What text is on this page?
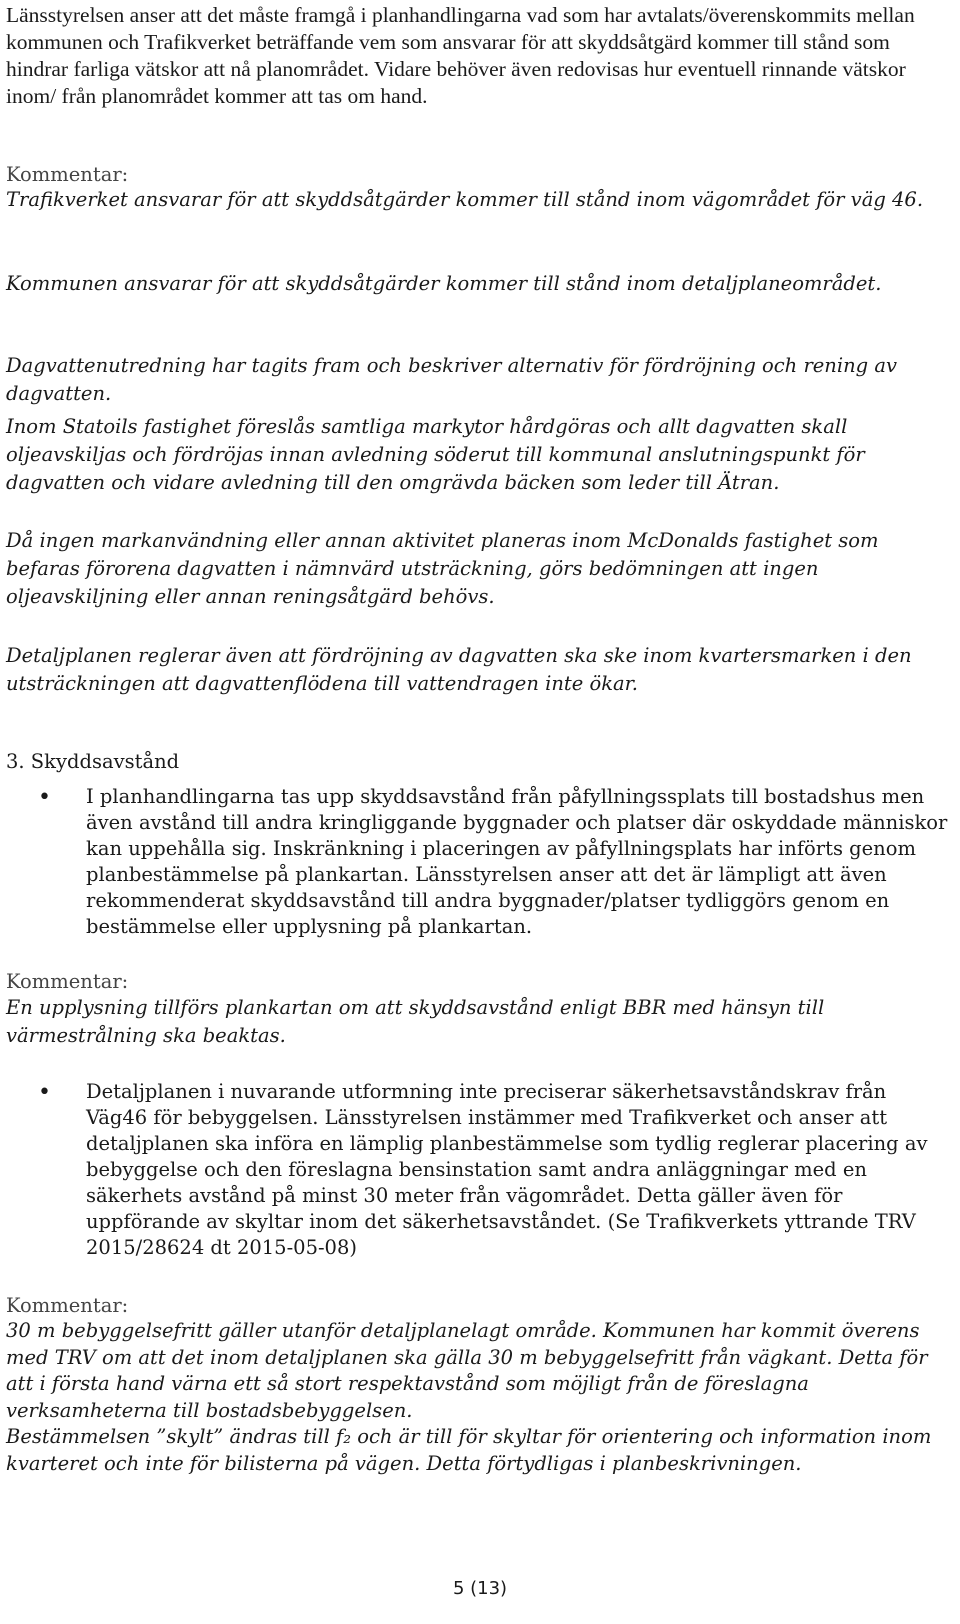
Länsstyrelsen anser att det måste framgå i planhandlingarna vad som har avtalats/överenskommits mellan kommunen och Trafikverket beträffande vem som ansvarar för att skyddsåtgärd kommer till stånd som hindrar farliga vätskor att nå planområdet. Vidare behöver även redovisas hur eventuell rinnande vätskor inom/ från planområdet kommer att tas om hand.

Kommentar:

Trafikverket ansvarar för att skyddsåtgärder kommer till stånd inom vägområdet för väg 46.

Kommunen ansvarar för att skyddsåtgärder kommer till stånd inom detaljplaneområdet.

Dagvattenutredning har tagits fram och beskriver alternativ för fördröjning och rening av dagvatten.

Inom Statoils fastighet föreslås samtliga markytor hårdgöras och allt dagvatten skall oljeavskiljas och fördröjas innan avledning söderut till kommunal anslutningspunkt för dagvatten och vidare avledning till den omgrävda bäcken som leder till Ätran.

Då ingen markanvändning eller annan aktivitet planeras inom McDonalds fastighet som befaras förorena dagvatten i nämnvärd utsträckning, görs bedömningen att ingen oljeavskiljning eller annan reningsåtgärd behövs.

Detaljplanen reglerar även att fördröjning av dagvatten ska ske inom kvartersmarken i den utsträckningen att dagvattenflödena till vattendragen inte ökar.

3. Skyddsavstånd

• I planhandlingarna tas upp skyddsavstånd från påfyllningssplats till bostadshus men även avstånd till andra kringliggande byggnader och platser där oskyddade människor kan uppehålla sig. Inskränkning i placeringen av påfyllningsplats har införts genom planbestämmelse på plankartan. Länsstyrelsen anser att det är lämpligt att även rekommenderat skyddsavstånd till andra byggnader/platser tydliggörs genom en bestämmelse eller upplysning på plankartan.

Kommentar:

En upplysning tillförs plankartan om att skyddsavstånd enligt BBR med hänsyn till värmestrålning ska beaktas.

• Detaljplanen i nuvarande utformning inte preciserar säkerhetsavståndskrav från Väg46 för bebyggelsen. Länsstyrelsen instämmer med Trafikverket och anser att detaljplanen ska införa en lämplig planbestämmelse som tydlig reglerar placering av bebyggelse och den föreslagna bensinstation samt andra anläggningar med en säkerhets avstånd på minst 30 meter från vägområdet. Detta gäller även för uppförande av skyltar inom det säkerhetsavståndet. (Se Trafikverkets yttrande TRV 2015/28624 dt 2015-05-08)

Kommentar:

30 m bebyggelsefritt gäller utanför detaljplanelagt område. Kommunen har kommit överens med TRV om att det inom detaljplanen ska gälla 30 m bebyggelsefritt från vägkant. Detta för att i första hand värna ett så stort respektavstånd som möjligt från de föreslagna verksamheterna till bostadsbebyggelsen.

Bestämmelsen ”skylt” ändras till f₂ och är till för skyltar för orientering och information inom kvarteret och inte för bilisterna på vägen. Detta förtydligas i planbeskrivningen.

5 (13)
